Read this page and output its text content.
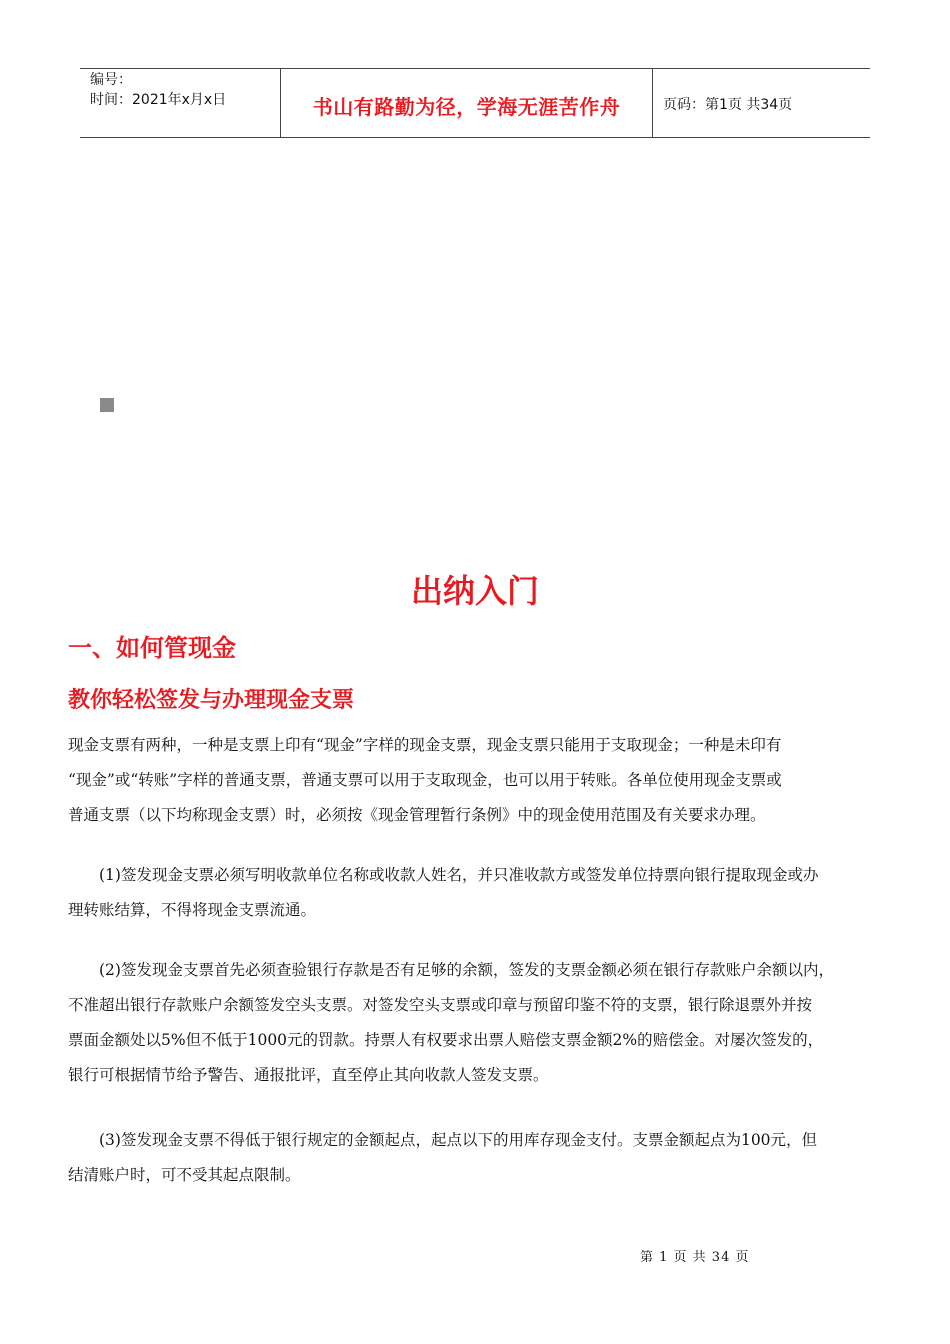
编号：
时间：2021年x月x日	书山有路勤为径，学海无涯苦作舟	页码：第1页 共34页
出纳入门
一、如何管现金
教你轻松签发与办理现金支票
现金支票有两种，一种是支票上印有“现金”字样的现金支票，现金支票只能用于支取现金；一种是未印有
“现金”或“转账”字样的普通支票，普通支票可以用于支取现金，也可以用于转账。各单位使用现金支票或
普通支票（以下均称现金支票）时，必须按《现金管理暂行条例》中的现金使用范围及有关要求办理。
　　(1)签发现金支票必须写明收款单位名称或收款人姓名，并只准收款方或签发单位持票向银行提取现金或办
理转账结算，不得将现金支票流通。
　　(2)签发现金支票首先必须查验银行存款是否有足够的余额，签发的支票金额必须在银行存款账户余额以内，
不准超出银行存款账户余额签发空头支票。对签发空头支票或印章与预留印鉴不符的支票，银行除退票外并按
票面金额处以5%但不低于1000元的罚款。持票人有权要求出票人赔偿支票金额2%的赔偿金。对屡次签发的，
银行可根据情节给予警告、通报批评，直至停止其向收款人签发支票。
　　(3)签发现金支票不得低于银行规定的金额起点，起点以下的用库存现金支付。支票金额起点为100元，但
结清账户时，可不受其起点限制。
第 1 页 共 34 页
